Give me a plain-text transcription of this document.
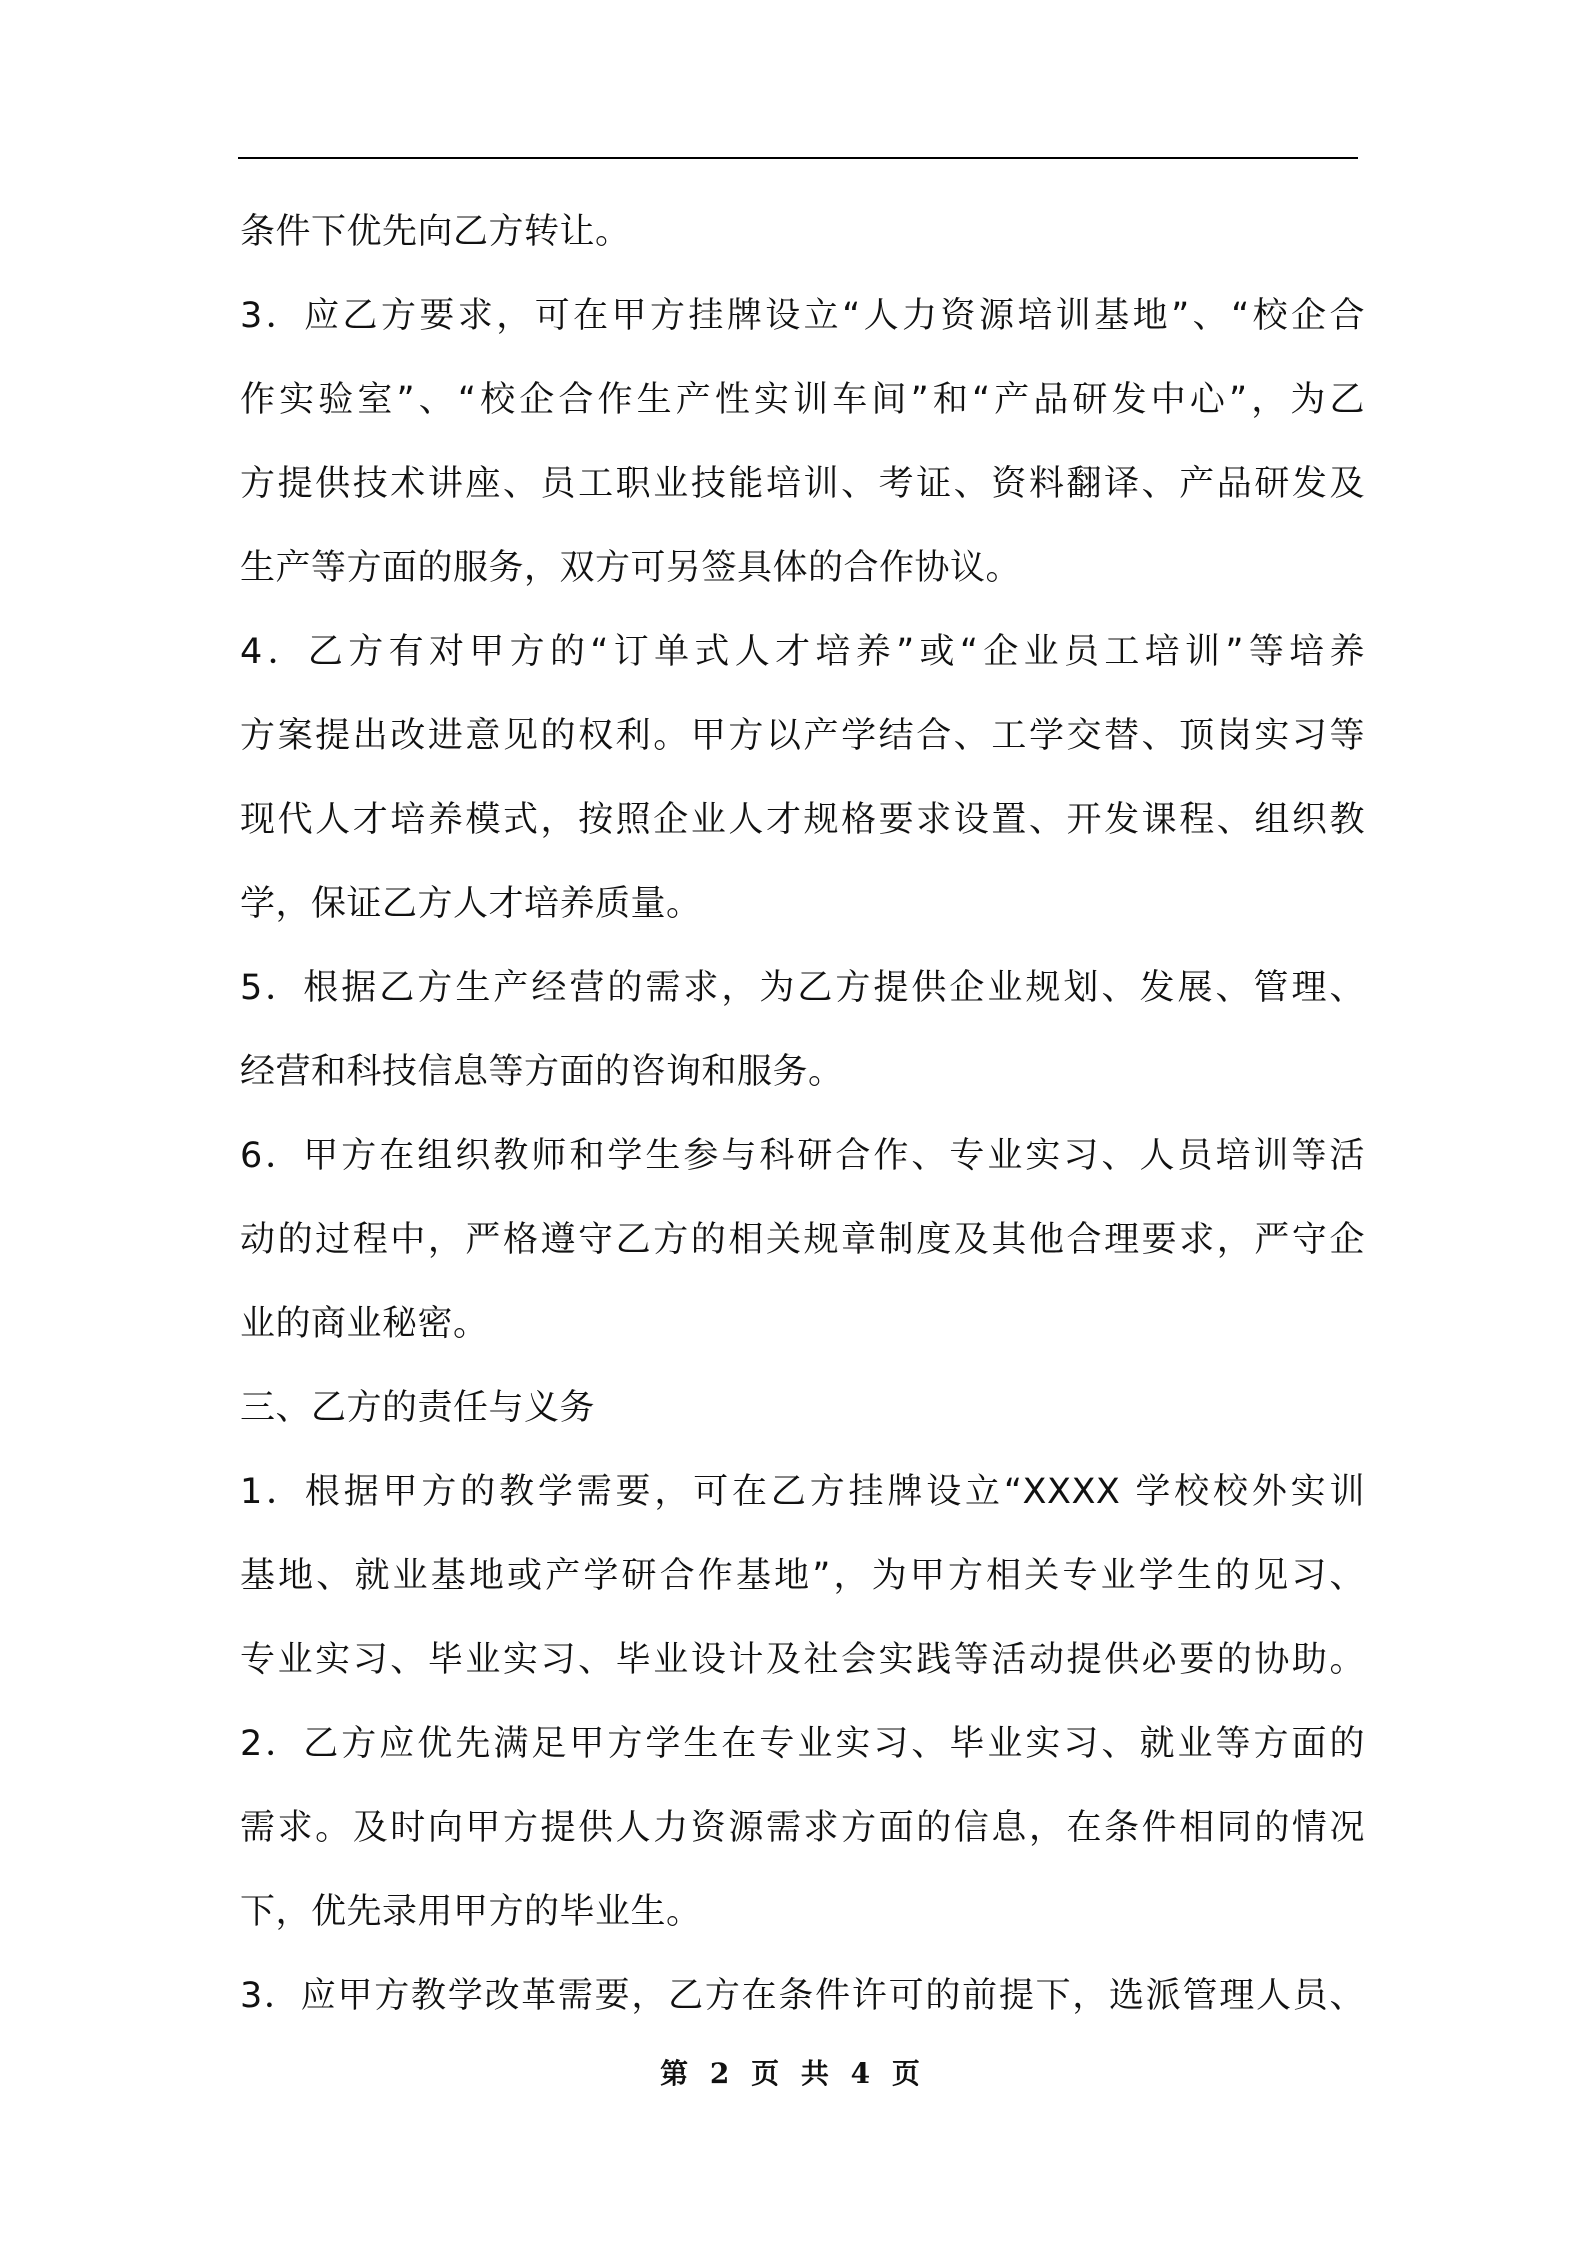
条件下优先向乙方转让。
3．应乙方要求，可在甲方挂牌设立“人力资源培训基地”、“校企合
作实验室”、“校企合作生产性实训车间”和“产品研发中心”，为乙
方提供技术讲座、员工职业技能培训、考证、资料翻译、产品研发及
生产等方面的服务，双方可另签具体的合作协议。
4．乙方有对甲方的“订单式人才培养”或“企业员工培训”等培养
方案提出改进意见的权利。甲方以产学结合、工学交替、顶岗实习等
现代人才培养模式，按照企业人才规格要求设置、开发课程、组织教
学，保证乙方人才培养质量。
5．根据乙方生产经营的需求，为乙方提供企业规划、发展、管理、
经营和科技信息等方面的咨询和服务。
6．甲方在组织教师和学生参与科研合作、专业实习、人员培训等活
动的过程中，严格遵守乙方的相关规章制度及其他合理要求，严守企
业的商业秘密。
三、乙方的责任与义务
1．根据甲方的教学需要，可在乙方挂牌设立“XXXX 学校校外实训
基地、就业基地或产学研合作基地”，为甲方相关专业学生的见习、
专业实习、毕业实习、毕业设计及社会实践等活动提供必要的协助。
2．乙方应优先满足甲方学生在专业实习、毕业实习、就业等方面的
需求。及时向甲方提供人力资源需求方面的信息，在条件相同的情况
下，优先录用甲方的毕业生。
3．应甲方教学改革需要，乙方在条件许可的前提下，选派管理人员、
第 2 页 共 4 页
